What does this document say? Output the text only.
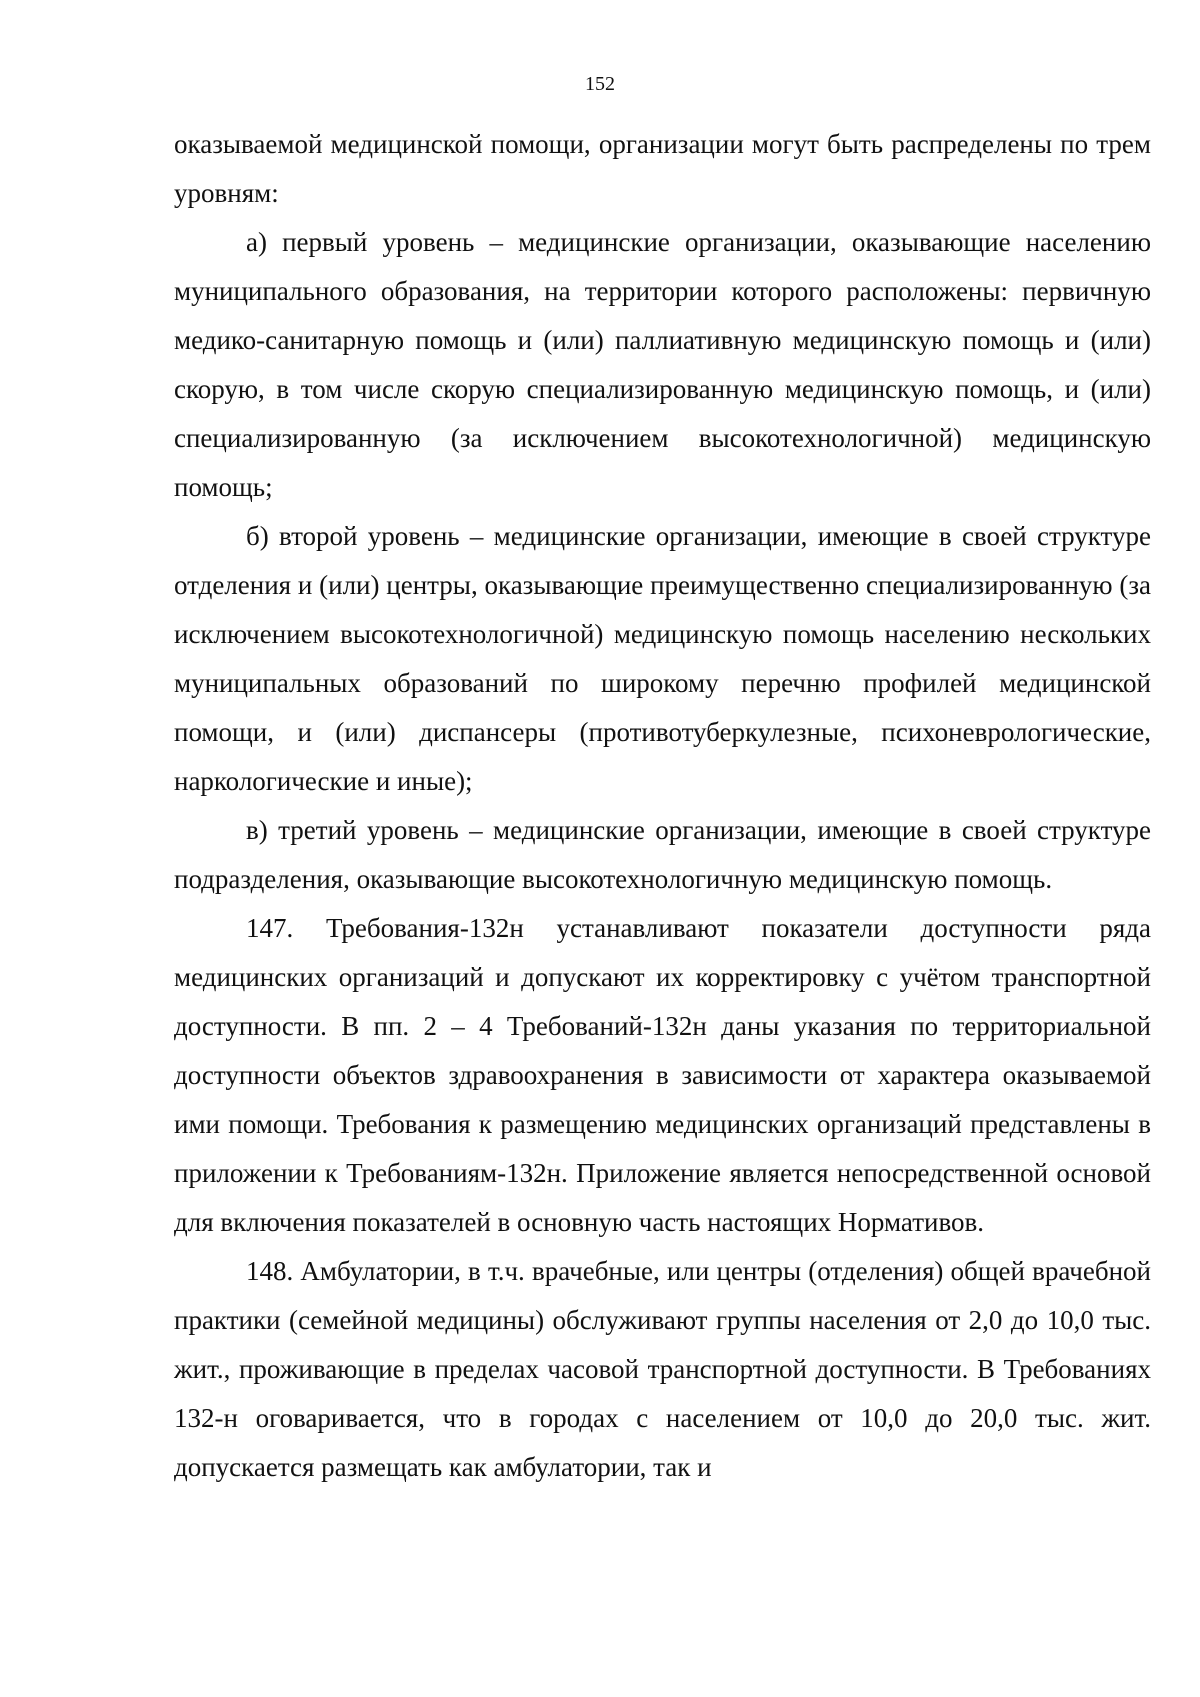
152

оказываемой медицинской помощи, организации могут быть распределены по трем уровням:

а) первый уровень – медицинские организации, оказывающие населению муниципального образования, на территории которого расположены: первичную медико-санитарную помощь и (или) паллиативную медицинскую помощь и (или) скорую, в том числе скорую специализированную медицинскую помощь, и (или) специализированную (за исключением высокотехнологичной) медицинскую помощь;

б) второй уровень – медицинские организации, имеющие в своей структуре отделения и (или) центры, оказывающие преимущественно специализированную (за исключением высокотехнологичной) медицинскую помощь населению нескольких муниципальных образований по широкому перечню профилей медицинской помощи, и (или) диспансеры (противотуберкулезные, психоневрологические, наркологические и иные);

в) третий уровень – медицинские организации, имеющие в своей структуре подразделения, оказывающие высокотехнологичную медицинскую помощь.

147. Требования-132н устанавливают показатели доступности ряда медицинских организаций и допускают их корректировку с учётом транспортной доступности. В пп. 2 – 4 Требований-132н даны указания по территориальной доступности объектов здравоохранения в зависимости от характера оказываемой ими помощи. Требования к размещению медицинских организаций представлены в приложении к Требованиям-132н. Приложение является непосредственной основой для включения показателей в основную часть настоящих Нормативов.

148. Амбулатории, в т.ч. врачебные, или центры (отделения) общей врачебной практики (семейной медицины) обслуживают группы населения от 2,0 до 10,0 тыс. жит., проживающие в пределах часовой транспортной доступности. В Требованиях 132-н оговаривается, что в городах с населением от 10,0 до 20,0 тыс. жит. допускается размещать как амбулатории, так и
